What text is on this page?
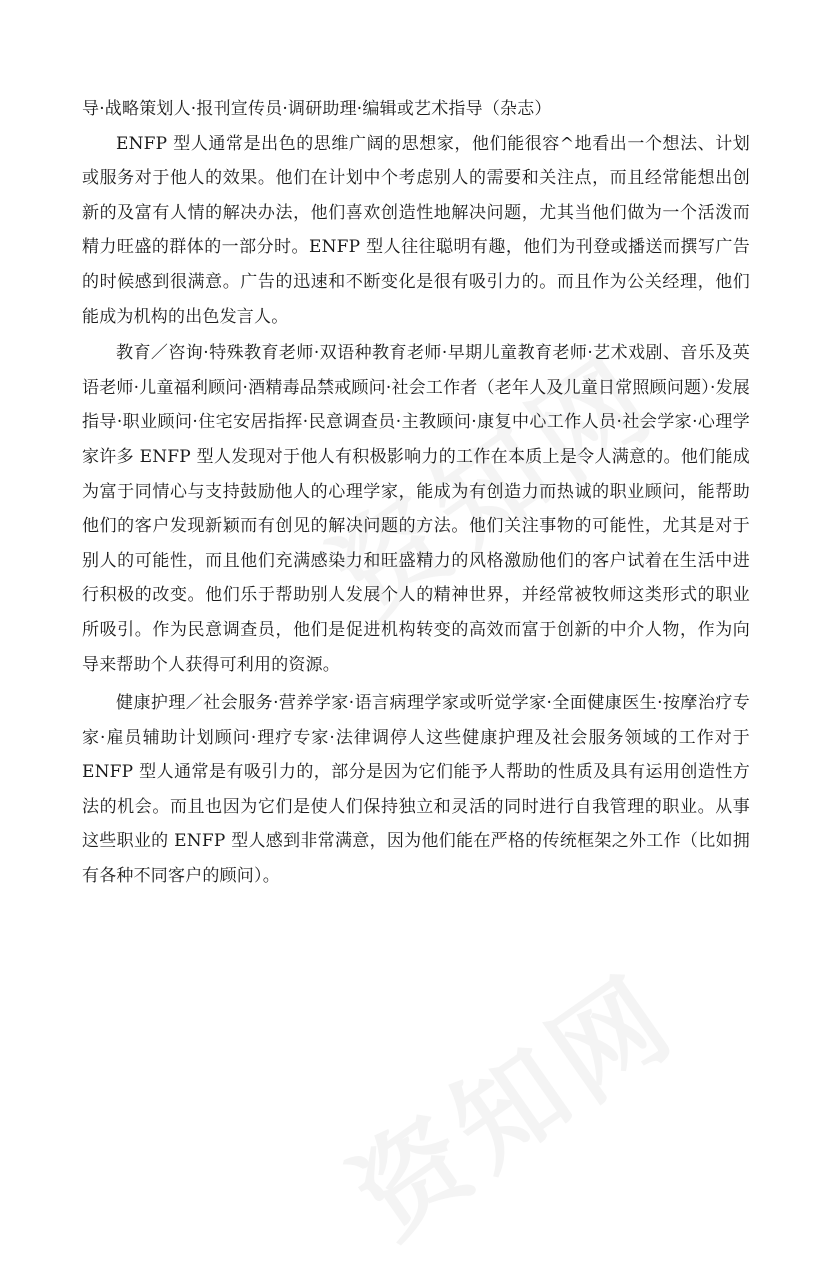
导·战略策划人·报刊宣传员·调研助理·编辑或艺术指导（杂志）

ENFP 型人通常是出色的思维广阔的思想家，他们能很容^地看出一个想法、计划或服务对于他人的效果。他们在计划中个考虑别人的需要和关注点，而且经常能想出创新的及富有人情的解决办法，他们喜欢创造性地解决问题，尤其当他们做为一个活泼而精力旺盛的群体的一部分时。ENFP 型人往往聪明有趣，他们为刊登或播送而撰写广告的时候感到很满意。广告的迅速和不断变化是很有吸引力的。而且作为公关经理，他们能成为机构的出色发言人。

教育／咨询·特殊教育老师·双语种教育老师·早期儿童教育老师·艺术戏剧、音乐及英语老师·儿童福利顾问·酒精毒品禁戒顾问·社会工作者（老年人及儿童日常照顾问题）·发展指导·职业顾问·住宅安居指挥·民意调查员·主教顾问·康复中心工作人员·社会学家·心理学家许多 ENFP 型人发现对于他人有积极影响力的工作在本质上是令人满意的。他们能成为富于同情心与支持鼓励他人的心理学家，能成为有创造力而热诚的职业顾问，能帮助他们的客户发现新颖而有创见的解决问题的方法。他们关注事物的可能性，尤其是对于别人的可能性，而且他们充满感染力和旺盛精力的风格激励他们的客户试着在生活中进行积极的改变。他们乐于帮助别人发展个人的精神世界，并经常被牧师这类形式的职业所吸引。作为民意调查员，他们是促进机构转变的高效而富于创新的中介人物，作为向导来帮助个人获得可利用的资源。

健康护理／社会服务·营养学家·语言病理学家或听觉学家·全面健康医生·按摩治疗专家·雇员辅助计划顾问·理疗专家·法律调停人这些健康护理及社会服务领域的工作对于 ENFP 型人通常是有吸引力的，部分是因为它们能予人帮助的性质及具有运用创造性方法的机会。而且也因为它们是使人们保持独立和灵活的同时进行自我管理的职业。从事这些职业的 ENFP 型人感到非常满意，因为他们能在严格的传统框架之外工作（比如拥有各种不同客户的顾问）。
